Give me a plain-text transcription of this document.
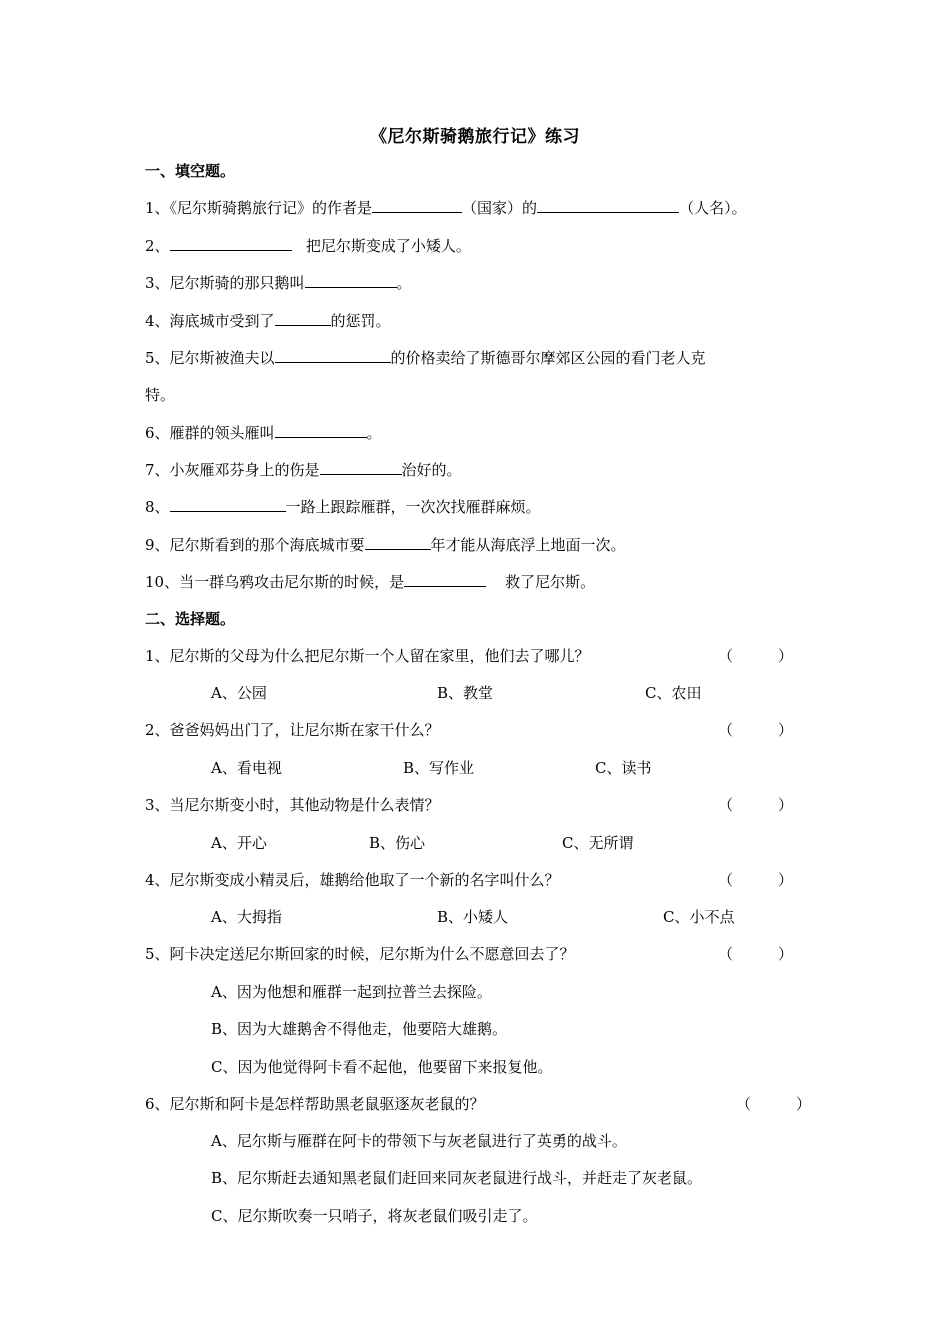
《尼尔斯骑鹅旅行记》练习
一、填空题。
1、《尼尔斯骑鹅旅行记》的作者是	（国家）的	（人名）。
2、	把尼尔斯变成了小矮人。
3、尼尔斯骑的那只鹅叫	。
4、海底城市受到了	的惩罚。
5、尼尔斯被渔夫以	的价格卖给了斯德哥尔摩郊区公园的看门老人克
特。
6、雁群的领头雁叫	。
7、小灰雁邓芬身上的伤是	治好的。
8、	一路上跟踪雁群，一次次找雁群麻烦。
9、尼尔斯看到的那个海底城市要	年才能从海底浮上地面一次。
10、当一群乌鸦攻击尼尔斯的时候，是	救了尼尔斯。
二、选择题。
1、尼尔斯的父母为什么把尼尔斯一个人留在家里，他们去了哪儿？	（　　　）
A、公园	B、教堂	C、农田
2、爸爸妈妈出门了，让尼尔斯在家干什么？	（　　　）
A、看电视	B、写作业	C、读书
3、当尼尔斯变小时，其他动物是什么表情？	（　　　）
A、开心	B、伤心	C、无所谓
4、尼尔斯变成小精灵后，雄鹅给他取了一个新的名字叫什么？	（　　　）
A、大拇指	B、小矮人	C、小不点
5、阿卡决定送尼尔斯回家的时候，尼尔斯为什么不愿意回去了？	（　　　）
A、因为他想和雁群一起到拉普兰去探险。
B、因为大雄鹅舍不得他走，他要陪大雄鹅。
C、因为他觉得阿卡看不起他，他要留下来报复他。
6、尼尔斯和阿卡是怎样帮助黑老鼠驱逐灰老鼠的？	（　　　）
A、尼尔斯与雁群在阿卡的带领下与灰老鼠进行了英勇的战斗。
B、尼尔斯赶去通知黑老鼠们赶回来同灰老鼠进行战斗，并赶走了灰老鼠。
C、尼尔斯吹奏一只哨子，将灰老鼠们吸引走了。
